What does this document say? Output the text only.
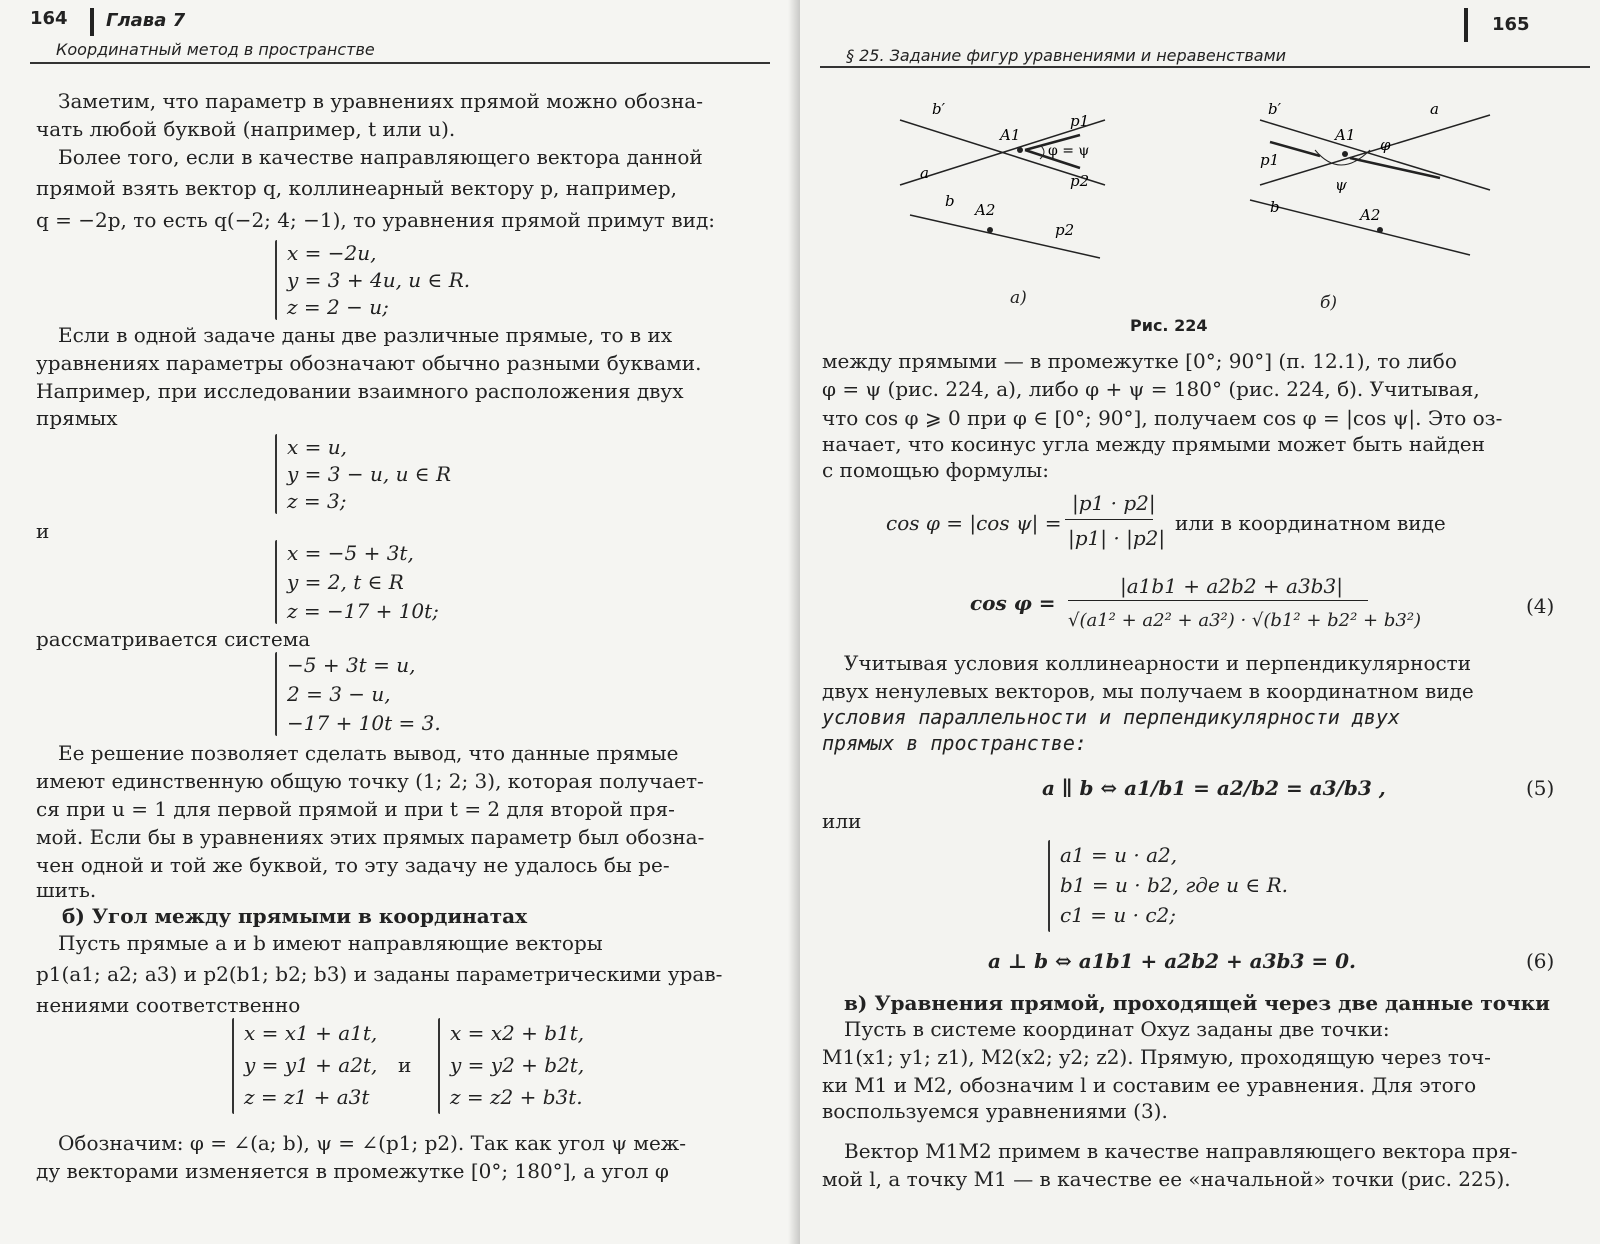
164 Глава 7
Координатный метод в пространстве
Заметим, что параметр в уравнениях прямой можно обозна-
чать любой буквой (например, t или u).
Более того, если в качестве направляющего вектора данной
прямой взять вектор q, коллинеарный вектору p, например,
q = −2p, то есть q(−2; 4; −1), то уравнения прямой примут вид:
x = −2u,
y = 3 + 4u, u ∈ R.
z = 2 − u;
Если в одной задаче даны две различные прямые, то в их
уравнениях параметры обозначают обычно разными буквами.
Например, при исследовании взаимного расположения двух
прямых
x = u,
y = 3 − u, u ∈ R
z = 3;
и
x = −5 + 3t,
y = 2, t ∈ R
z = −17 + 10t;
рассматривается система
−5 + 3t = u,
2 = 3 − u,
−17 + 10t = 3.
Ее решение позволяет сделать вывод, что данные прямые
имеют единственную общую точку (1; 2; 3), которая получает-
ся при u = 1 для первой прямой и при t = 2 для второй пря-
мой. Если бы в уравнениях этих прямых параметр был обозна-
чен одной и той же буквой, то эту задачу не удалось бы ре-
шить.
б) Угол между прямыми в координатах
Пусть прямые a и b имеют направляющие векторы
p1(a1; a2; a3) и p2(b1; b2; b3) и заданы параметрическими урав-
нениями соответственно
x = x1 + a1t,
y = y1 + a2t,
z = z1 + a3t
и
x = x2 + b1t,
y = y2 + b2t,
z = z2 + b3t.
Обозначим: φ = ∠(a; b), ψ = ∠(p1; p2). Так как угол ψ меж-
ду векторами изменяется в промежутке [0°; 180°], а угол φ
165
§ 25. Задание фигур уравнениями и неравенствами
b′
a
A1
p1
φ = ψ
p2
b A2
p2
а)
b′	a
A1
p1
φ
ψ
b	A2
б)
Рис. 224
между прямыми — в промежутке [0°; 90°] (п. 12.1), то либо
φ = ψ (рис. 224, а), либо φ + ψ = 180° (рис. 224, б). Учитывая,
что cos φ ⩾ 0 при φ ∈ [0°; 90°], получаем cos φ = |cos ψ|. Это оз-
начает, что косинус угла между прямыми может быть найден
с помощью формулы:
cos φ = |cos ψ| =
|p1 · p2|
|p1| · |p2|
или в координатном виде
cos φ =
|a1b1 + a2b2 + a3b3|
√(a1² + a2² + a3²) · √(b1² + b2² + b3²)
(4)
Учитывая условия коллинеарности и перпендикулярности
двух ненулевых векторов, мы получаем в координатном виде
условия параллельности и перпендикулярности двух
прямых в пространстве:
a ∥ b ⇔ a1/b1 = a2/b2 = a3/b3 ,	(5)
или
a1 = u · a2,
b1 = u · b2, где u ∈ R.
c1 = u · c2;
a ⊥ b ⇔ a1b1 + a2b2 + a3b3 = 0.	(6)
в) Уравнения прямой, проходящей через две данные точки
Пусть в системе координат Oxyz заданы две точки:
M1(x1; y1; z1), M2(x2; y2; z2). Прямую, проходящую через точ-
ки M1 и M2, обозначим l и составим ее уравнения. Для этого
воспользуемся уравнениями (3).
Вектор M1M2 примем в качестве направляющего вектора пря-
мой l, а точку M1 — в качестве ее «начальной» точки (рис. 225).
